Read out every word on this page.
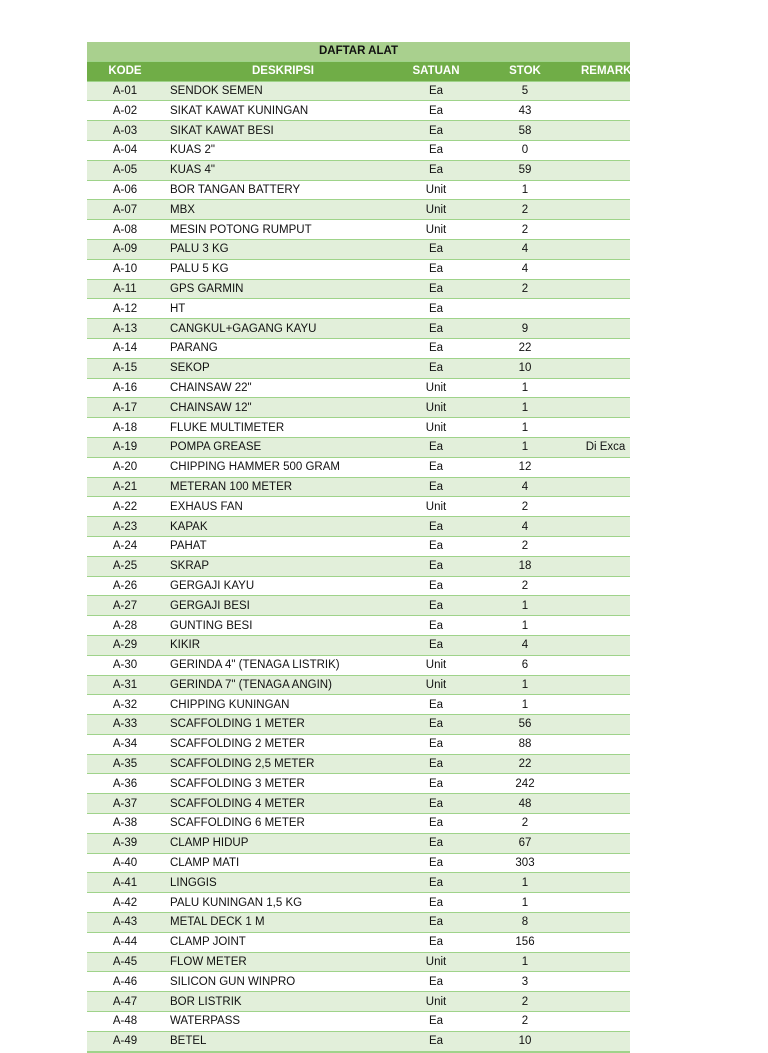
DAFTAR ALAT				
KODE	DESKRIPSI	SATUAN	STOK	REMARKS
A-01	SENDOK SEMEN	Ea	5	
A-02	SIKAT KAWAT KUNINGAN	Ea	43	
A-03	SIKAT KAWAT BESI	Ea	58	
A-04	KUAS 2"	Ea	0	
A-05	KUAS 4"	Ea	59	
A-06	BOR TANGAN BATTERY	Unit	1	
A-07	MBX	Unit	2	
A-08	MESIN POTONG RUMPUT	Unit	2	
A-09	PALU 3 KG	Ea	4	
A-10	PALU 5 KG	Ea	4	
A-11	GPS GARMIN	Ea	2	
A-12	HT	Ea		
A-13	CANGKUL+GAGANG KAYU	Ea	9	
A-14	PARANG	Ea	22	
A-15	SEKOP	Ea	10	
A-16	CHAINSAW 22"	Unit	1	
A-17	CHAINSAW 12"	Unit	1	
A-18	FLUKE MULTIMETER	Unit	1	
A-19	POMPA GREASE	Ea	1	Di Exca
A-20	CHIPPING HAMMER 500 GRAM	Ea	12	
A-21	METERAN 100 METER	Ea	4	
A-22	EXHAUS FAN	Unit	2	
A-23	KAPAK	Ea	4	
A-24	PAHAT	Ea	2	
A-25	SKRAP	Ea	18	
A-26	GERGAJI KAYU	Ea	2	
A-27	GERGAJI BESI	Ea	1	
A-28	GUNTING BESI	Ea	1	
A-29	KIKIR	Ea	4	
A-30	GERINDA 4" (TENAGA LISTRIK)	Unit	6	
A-31	GERINDA 7" (TENAGA ANGIN)	Unit	1	
A-32	CHIPPING KUNINGAN	Ea	1	
A-33	SCAFFOLDING 1 METER	Ea	56	
A-34	SCAFFOLDING 2 METER	Ea	88	
A-35	SCAFFOLDING 2,5 METER	Ea	22	
A-36	SCAFFOLDING 3 METER	Ea	242	
A-37	SCAFFOLDING 4 METER	Ea	48	
A-38	SCAFFOLDING 6 METER	Ea	2	
A-39	CLAMP HIDUP	Ea	67	
A-40	CLAMP MATI	Ea	303	
A-41	LINGGIS	Ea	1	
A-42	PALU KUNINGAN 1,5 KG	Ea	1	
A-43	METAL DECK 1 M	Ea	8	
A-44	CLAMP JOINT	Ea	156	
A-45	FLOW METER	Unit	1	
A-46	SILICON GUN WINPRO	Ea	3	
A-47	BOR LISTRIK	Unit	2	
A-48	WATERPASS	Ea	2	
A-49	BETEL	Ea	10	
